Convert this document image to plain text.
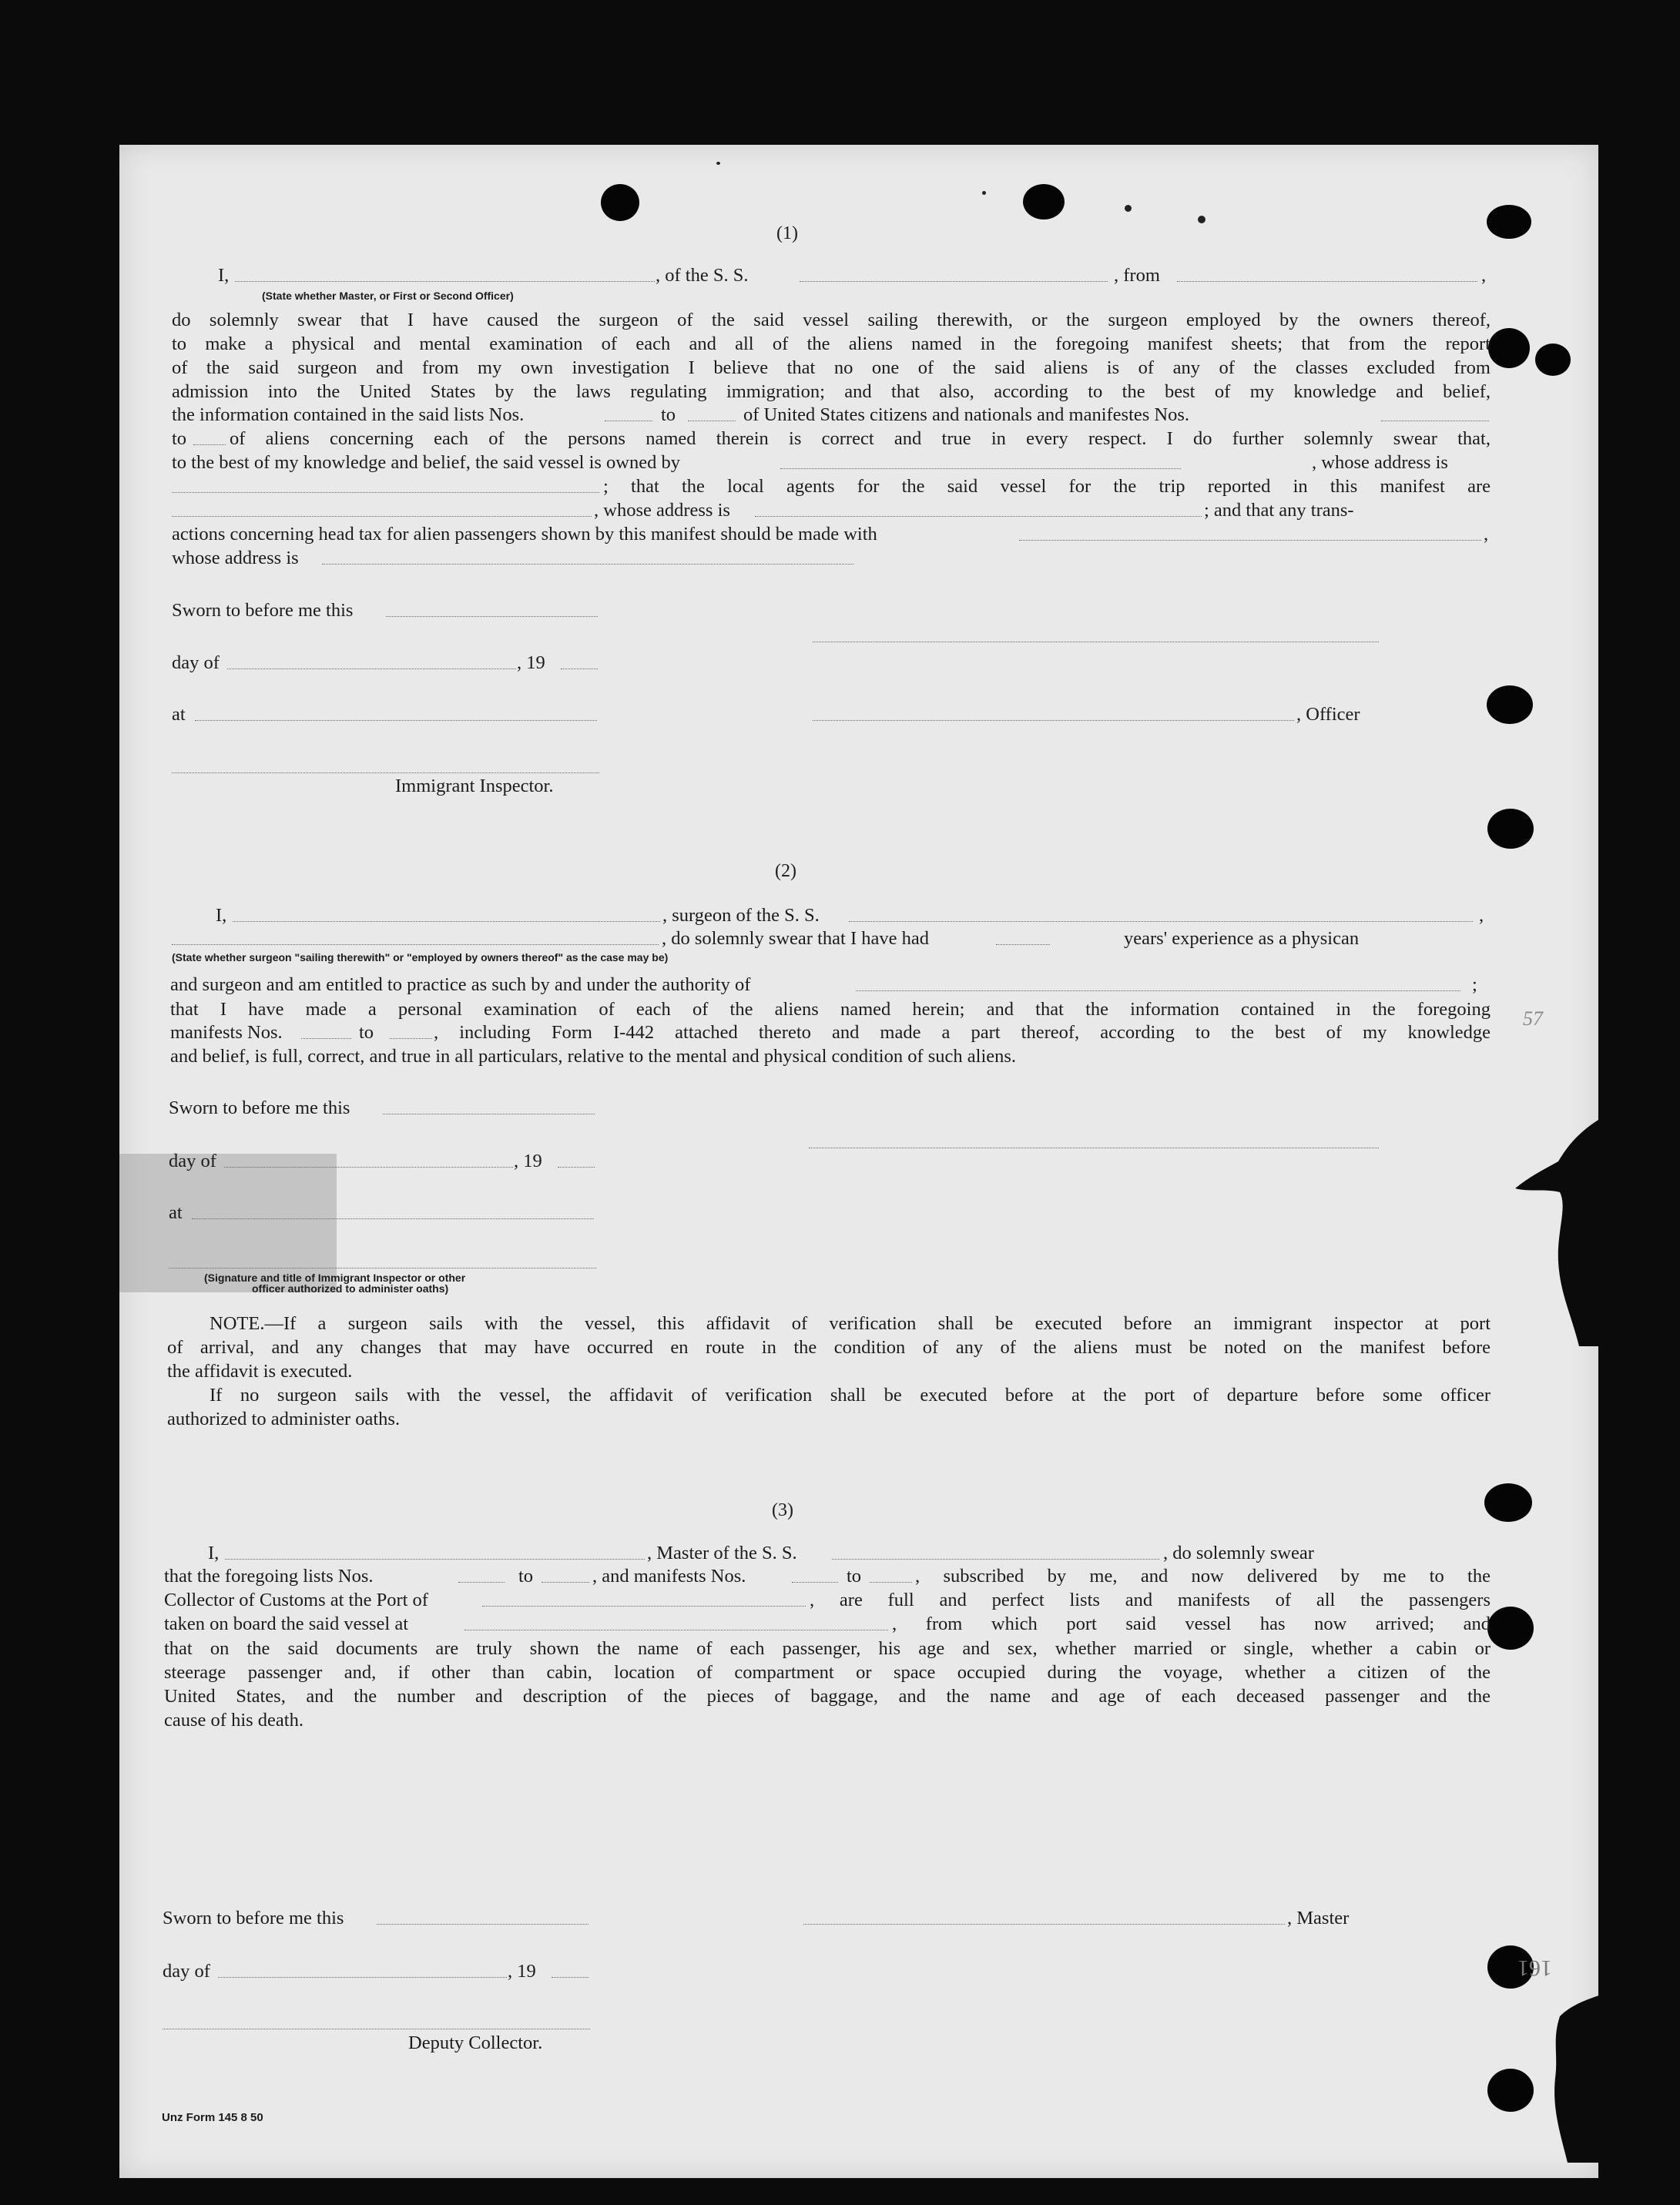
57
161
(1)
I,	, of the S. S.	, from	,
(State whether Master, or First or Second Officer)
do solemnly swear that I have caused the surgeon of the said vessel sailing therewith, or the surgeon employed by the owners thereof,
to make a physical and mental examination of each and all of the aliens named in the foregoing manifest sheets; that from the report
of the said surgeon and from my own investigation I believe that no one of the said aliens is of any of the classes excluded from
admission into the United States by the laws regulating immigration; and that also, according to the best of my knowledge and belief,
the information contained in the said lists Nos.	to	of United States citizens and nationals and manifestes Nos.
to of aliens concerning each of the persons named therein is correct and true in every respect. I do further solemnly swear that,
to the best of my knowledge and belief, the said vessel is owned by	, whose address is
; that the local agents for the said vessel for the trip reported in this manifest are
, whose address is	; and that any trans-
actions concerning head tax for alien passengers shown by this manifest should be made with	,
whose address is
Sworn to before me this
day of	, 19
at	, Officer
Immigrant Inspector.
(2)
I,	, surgeon of the S. S.	,
, do solemnly swear that I have had	years' experience as a physican
(State whether surgeon "sailing therewith" or "employed by owners thereof" as the case may be)
and surgeon and am entitled to practice as such by and under the authority of	;
that I have made a personal examination of each of the aliens named herein; and that the information contained in the foregoing
manifests Nos.	to	, including Form I-442 attached thereto and made a part thereof, according to the best of my knowledge
and belief, is full, correct, and true in all particulars, relative to the mental and physical condition of such aliens.
Sworn to before me this
day of	, 19
at
(Signature and title of Immigrant Inspector or other
officer authorized to administer oaths)
NOTE.—If a surgeon sails with the vessel, this affidavit of verification shall be executed before an immigrant inspector at port
of arrival, and any changes that may have occurred en route in the condition of any of the aliens must be noted on the manifest before
the affidavit is executed.
If no surgeon sails with the vessel, the affidavit of verification shall be executed before at the port of departure before some officer
authorized to administer oaths.
(3)
I,	, Master of the S. S.	, do solemnly swear
that the foregoing lists Nos.	to	, and manifests Nos.	to	, subscribed by me, and now delivered by me to the
Collector of Customs at the Port of	, are full and perfect lists and manifests of all the passengers
taken on board the said vessel at	, from which port said vessel has now arrived; and
that on the said documents are truly shown the name of each passenger, his age and sex, whether married or single, whether a cabin or
steerage passenger and, if other than cabin, location of compartment or space occupied during the voyage, whether a citizen of the
United States, and the number and description of the pieces of baggage, and the name and age of each deceased passenger and the
cause of his death.
Sworn to before me this	, Master
day of	, 19
Deputy Collector.
Unz Form 145 8 50
